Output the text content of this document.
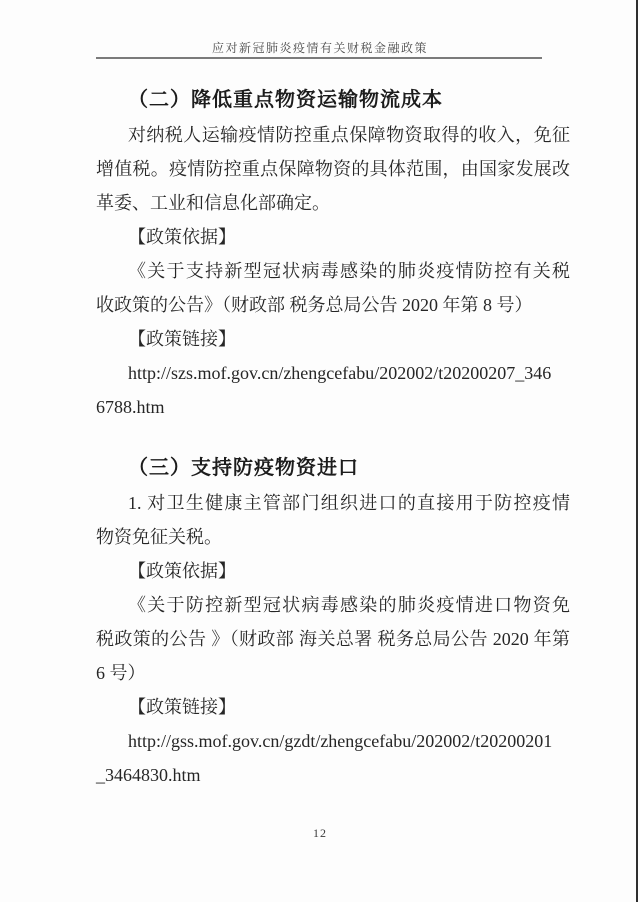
应对新冠肺炎疫情有关财税金融政策
（二）降低重点物资运输物流成本
对纳税人运输疫情防控重点保障物资取得的收入，免征
增值税。疫情防控重点保障物资的具体范围，由国家发展改
革委、工业和信息化部确定。
【政策依据】
《关于支持新型冠状病毒感染的肺炎疫情防控有关税
收政策的公告》（财政部 税务总局公告 2020 年第 8 号）
【政策链接】
http://szs.mof.gov.cn/zhengcefabu/202002/t20200207_346
6788.htm
（三）支持防疫物资进口
1. 对卫生健康主管部门组织进口的直接用于防控疫情
物资免征关税。
【政策依据】
《关于防控新型冠状病毒感染的肺炎疫情进口物资免
税政策的公告 》（财政部 海关总署 税务总局公告 2020 年第
6 号）
【政策链接】
http://gss.mof.gov.cn/gzdt/zhengcefabu/202002/t20200201
_3464830.htm
12
